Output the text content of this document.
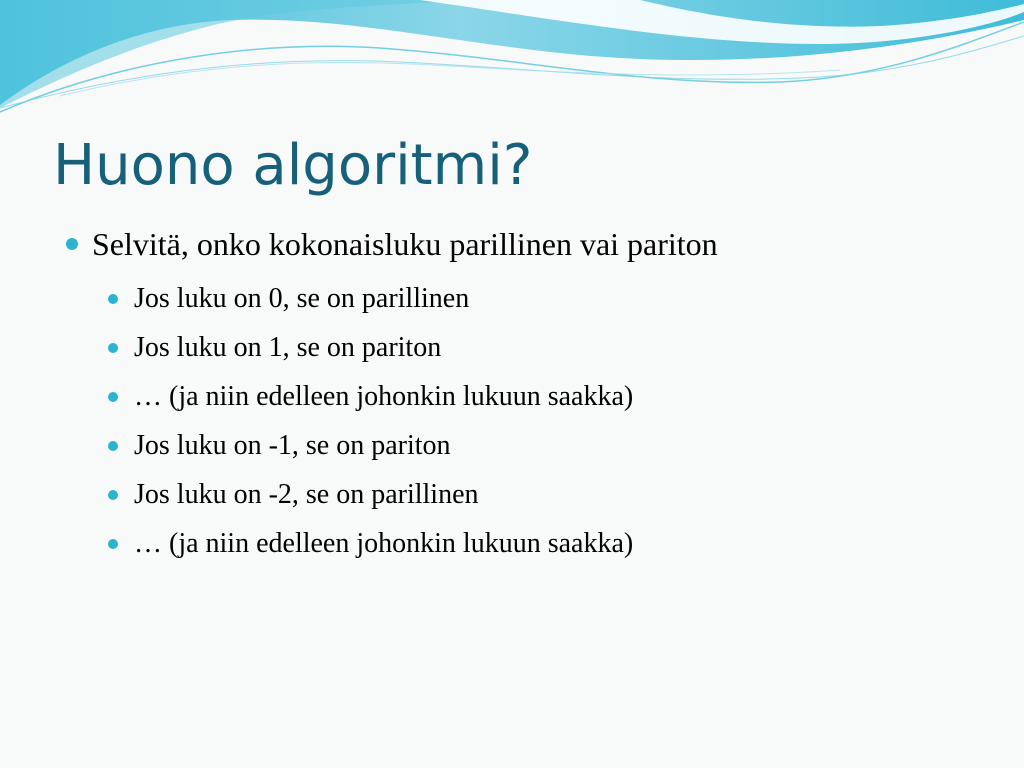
Huono algoritmi?
Selvitä, onko kokonaisluku parillinen vai pariton
Jos luku on 0, se on parillinen
Jos luku on 1, se on pariton
… (ja niin edelleen johonkin lukuun saakka)
Jos luku on -1, se on pariton
Jos luku on -2, se on parillinen
… (ja niin edelleen johonkin lukuun saakka)
